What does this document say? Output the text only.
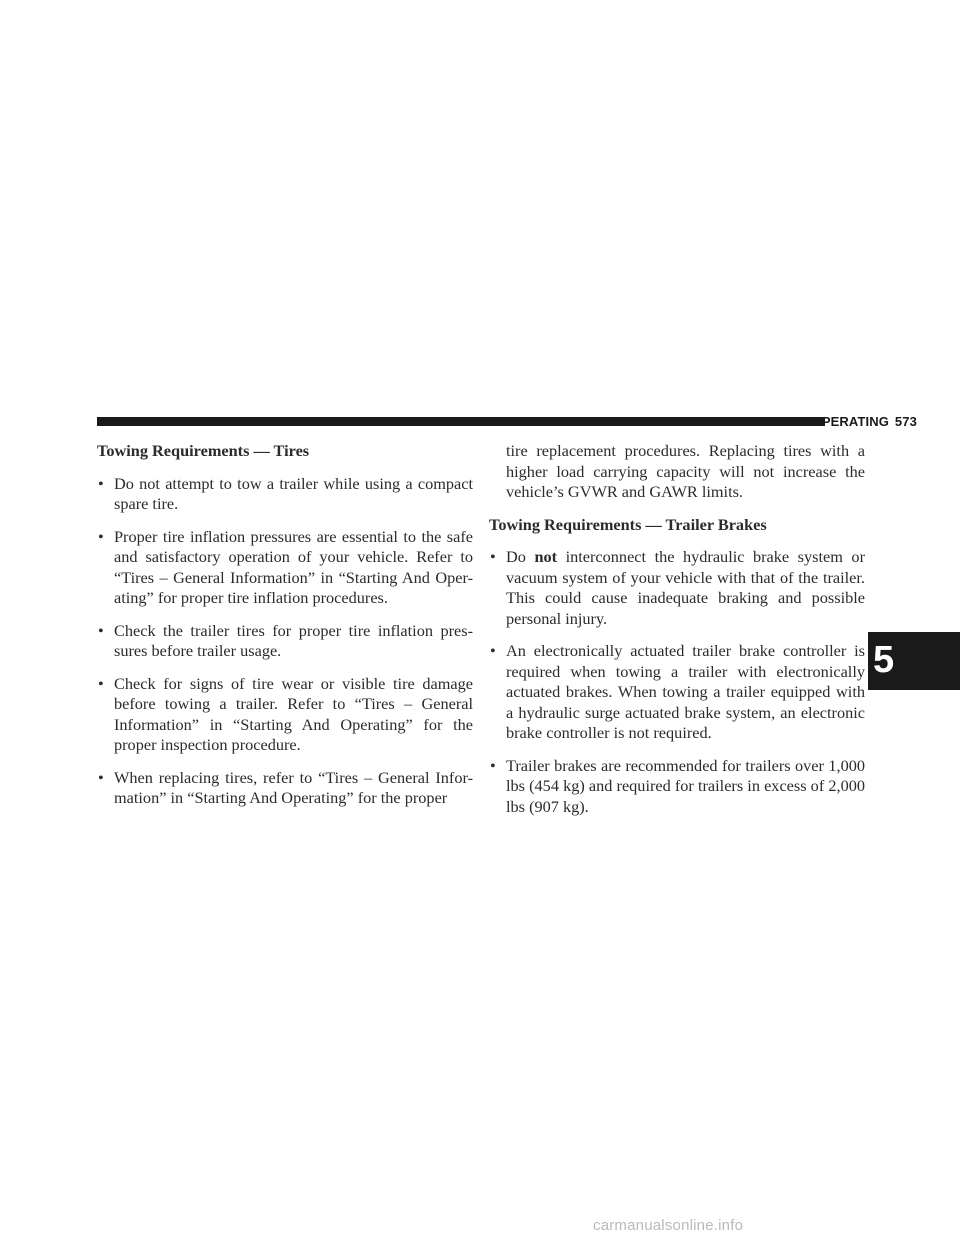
STARTING AND OPERATING 573
5
Towing Requirements — Tires
• Do not attempt to tow a trailer while using a compact spare tire.
• Proper tire inflation pressures are essential to the safe and satisfactory operation of your vehicle. Refer to “Tires – General Information” in “Starting And Oper- ating” for proper tire inflation procedures.
• Check the trailer tires for proper tire inflation pres- sures before trailer usage.
• Check for signs of tire wear or visible tire damage before towing a trailer. Refer to “Tires – General Information” in “Starting And Operating” for the proper inspection procedure.
• When replacing tires, refer to “Tires – General Infor- mation” in “Starting And Operating” for the proper

tire replacement procedures. Replacing tires with a higher load carrying capacity will not increase the vehicle’s GVWR and GAWR limits.

Towing Requirements — Trailer Brakes
• Do not interconnect the hydraulic brake system or vacuum system of your vehicle with that of the trailer. This could cause inadequate braking and possible personal injury.
• An electronically actuated trailer brake controller is required when towing a trailer with electronically actuated brakes. When towing a trailer equipped with a hydraulic surge actuated brake system, an electronic brake controller is not required.
• Trailer brakes are recommended for trailers over 1,000 lbs (454 kg) and required for trailers in excess of 2,000 lbs (907 kg).
carmanualsonline.info
